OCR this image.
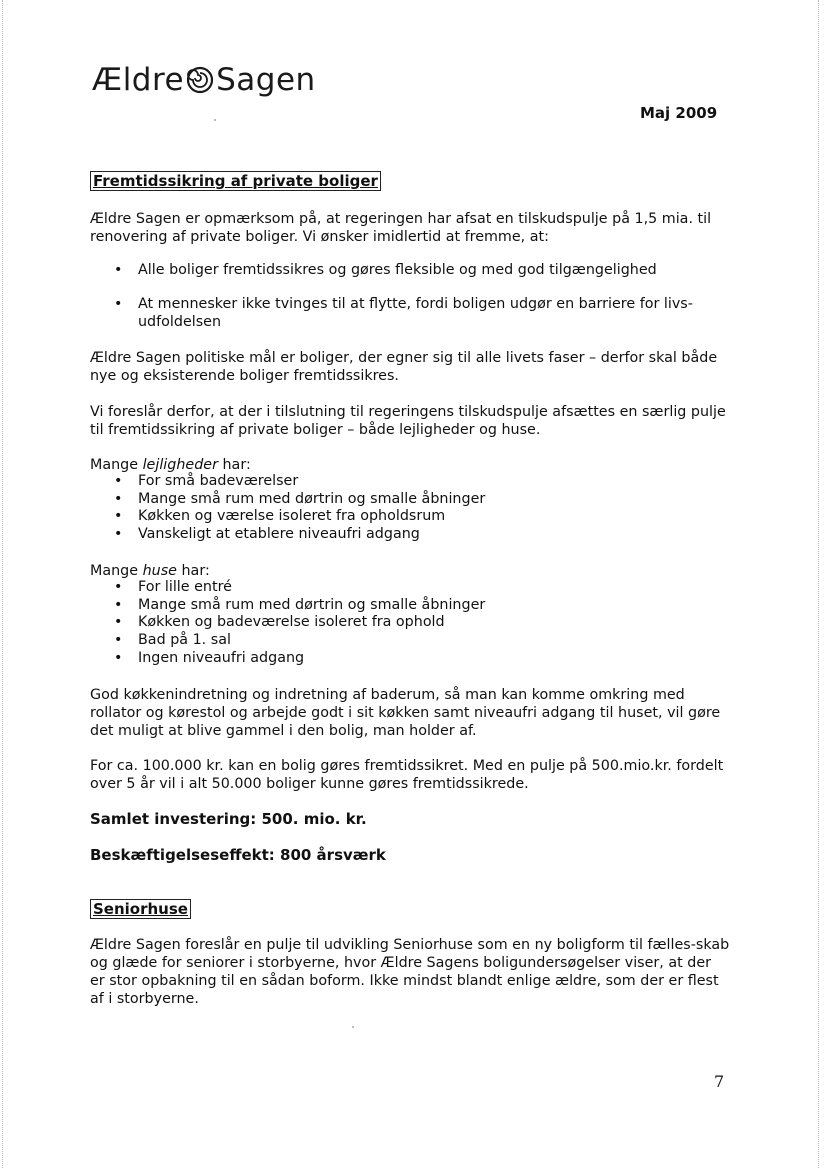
Ældre Sagen
Maj 2009
Fremtidssikring af private boliger
Ældre Sagen er opmærksom på, at regeringen har afsat en tilskudspulje på 1,5 mia. til renovering af private boliger. Vi ønsker imidlertid at fremme, at:
• Alle boliger fremtidssikres og gøres fleksible og med god tilgængelighed
• At mennesker ikke tvinges til at flytte, fordi boligen udgør en barriere for livs-udfoldelsen
Ældre Sagen politiske mål er boliger, der egner sig til alle livets faser – derfor skal både nye og eksisterende boliger fremtidssikres.
Vi foreslår derfor, at der i tilslutning til regeringens tilskudspulje afsættes en særlig pulje til fremtidssikring af private boliger – både lejligheder og huse.
Mange lejligheder har:
• For små badeværelser
• Mange små rum med dørtrin og smalle åbninger
• Køkken og værelse isoleret fra opholdsrum
• Vanskeligt at etablere niveaufri adgang
Mange huse har:
• For lille entré
• Mange små rum med dørtrin og smalle åbninger
• Køkken og badeværelse isoleret fra ophold
• Bad på 1. sal
• Ingen niveaufri adgang
God køkkenindretning og indretning af baderum, så man kan komme omkring med rollator og kørestol og arbejde godt i sit køkken samt niveaufri adgang til huset, vil gøre det muligt at blive gammel i den bolig, man holder af.
For ca. 100.000 kr. kan en bolig gøres fremtidssikret. Med en pulje på 500.mio.kr. fordelt over 5 år vil i alt 50.000 boliger kunne gøres fremtidssikrede.
Samlet investering: 500. mio. kr.
Beskæftigelseseffekt: 800 årsværk
Seniorhuse
Ældre Sagen foreslår en pulje til udvikling Seniorhuse som en ny boligform til fælles-skab og glæde for seniorer i storbyerne, hvor Ældre Sagens boligundersøgelser viser, at der er stor opbakning til en sådan boform. Ikke mindst blandt enlige ældre, som der er flest af i storbyerne.
7
